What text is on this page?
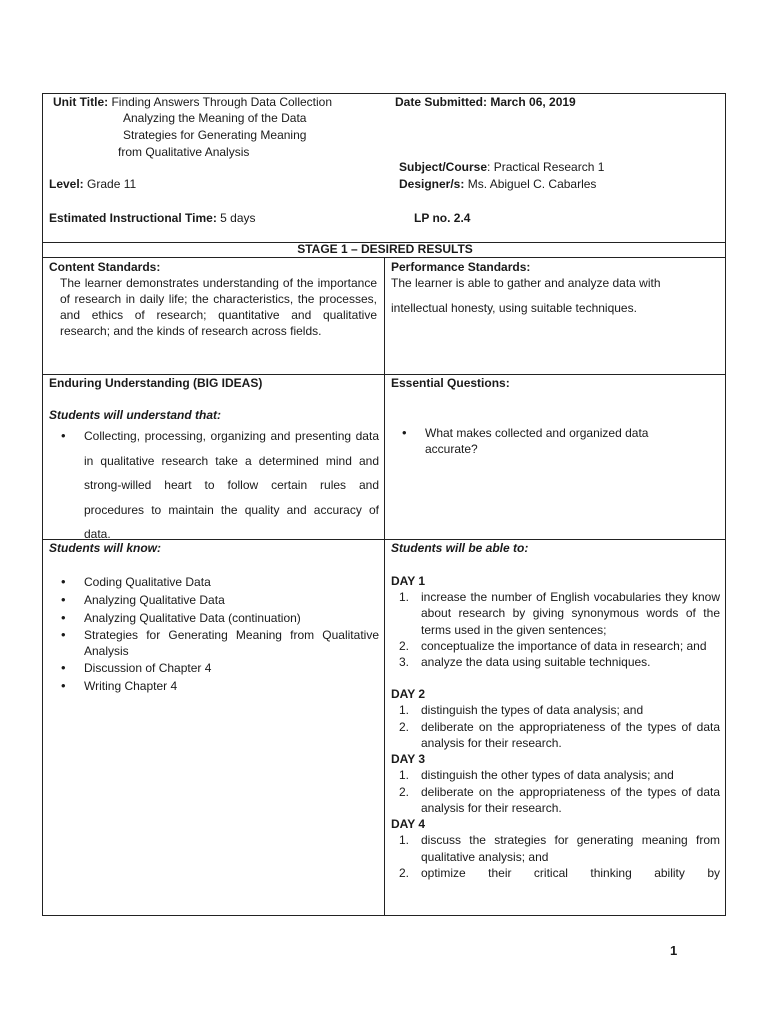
Unit Title: Finding Answers Through Data Collection
Analyzing the Meaning of the Data
Strategies for Generating Meaning
from Qualitative Analysis
Date Submitted: March 06, 2019
Subject/Course: Practical Research 1
Level: Grade 11	Designer/s: Ms. Abiguel C. Cabarles
Estimated Instructional Time: 5 days	LP no. 2.4
STAGE 1 – DESIRED RESULTS
Content Standards:
The learner demonstrates understanding of the importance of research in daily life; the characteristics, the processes, and ethics of research; quantitative and qualitative research; and the kinds of research across fields.
Performance Standards:
The learner is able to gather and analyze data with
intellectual honesty, using suitable techniques.
Enduring Understanding (BIG IDEAS)
Students will understand that:
• Collecting, processing, organizing and presenting data in qualitative research take a determined mind and strong-willed heart to follow certain rules and procedures to maintain the quality and accuracy of data.
Essential Questions:
• What makes collected and organized data accurate?
Students will know:
• Coding Qualitative Data
• Analyzing Qualitative Data
• Analyzing Qualitative Data (continuation)
• Strategies for Generating Meaning from Qualitative Analysis
• Discussion of Chapter 4
• Writing Chapter 4
Students will be able to:
DAY 1
1. increase the number of English vocabularies they know about research by giving synonymous words of the terms used in the given sentences;
2. conceptualize the importance of data in research; and
3. analyze the data using suitable techniques.
DAY 2
1. distinguish the types of data analysis; and
2. deliberate on the appropriateness of the types of data analysis for their research.
DAY 3
1. distinguish the other types of data analysis; and
2. deliberate on the appropriateness of the types of data analysis for their research.
DAY 4
1. discuss the strategies for generating meaning from qualitative analysis; and
2. optimize their critical thinking ability by
1
